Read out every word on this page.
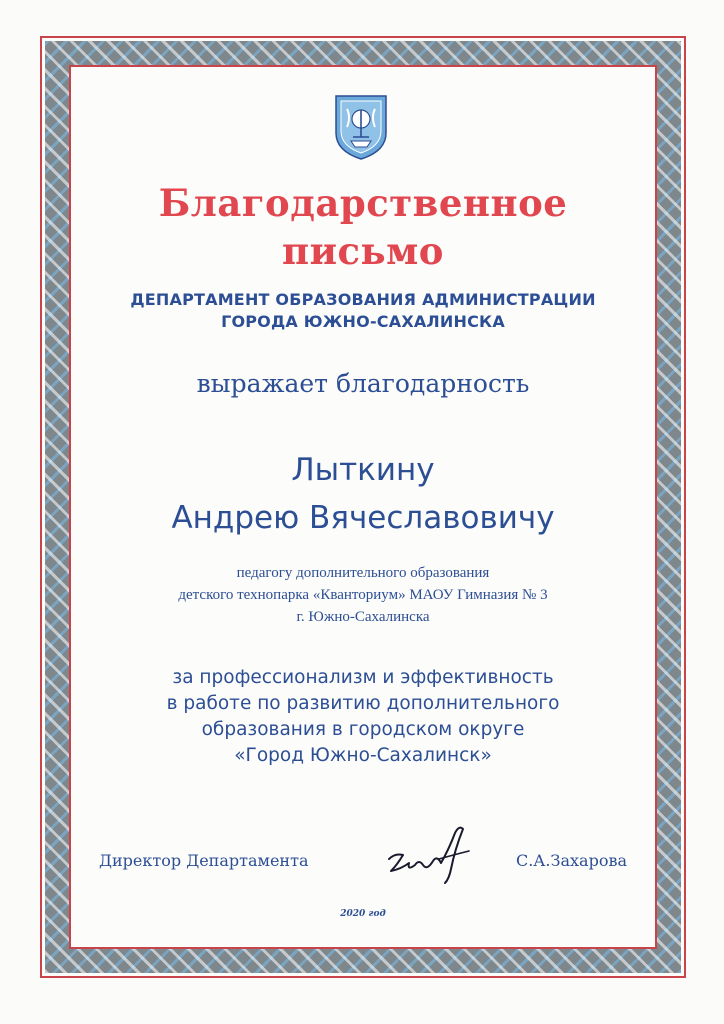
Благодарственное
письмо
ДЕПАРТАМЕНТ ОБРАЗОВАНИЯ АДМИНИСТРАЦИИ
ГОРОДА ЮЖНО-САХАЛИНСКА
выражает благодарность
Лыткину
Андрею Вячеславовичу
педагогу дополнительного образования
детского технопарка «Кванториум» МАОУ Гимназия № 3
г. Южно-Сахалинска
за профессионализм и эффективность
в работе по развитию дополнительного
образования в городском округе
«Город Южно-Сахалинск»
Директор Департамента	С.А.Захарова
2020 год
